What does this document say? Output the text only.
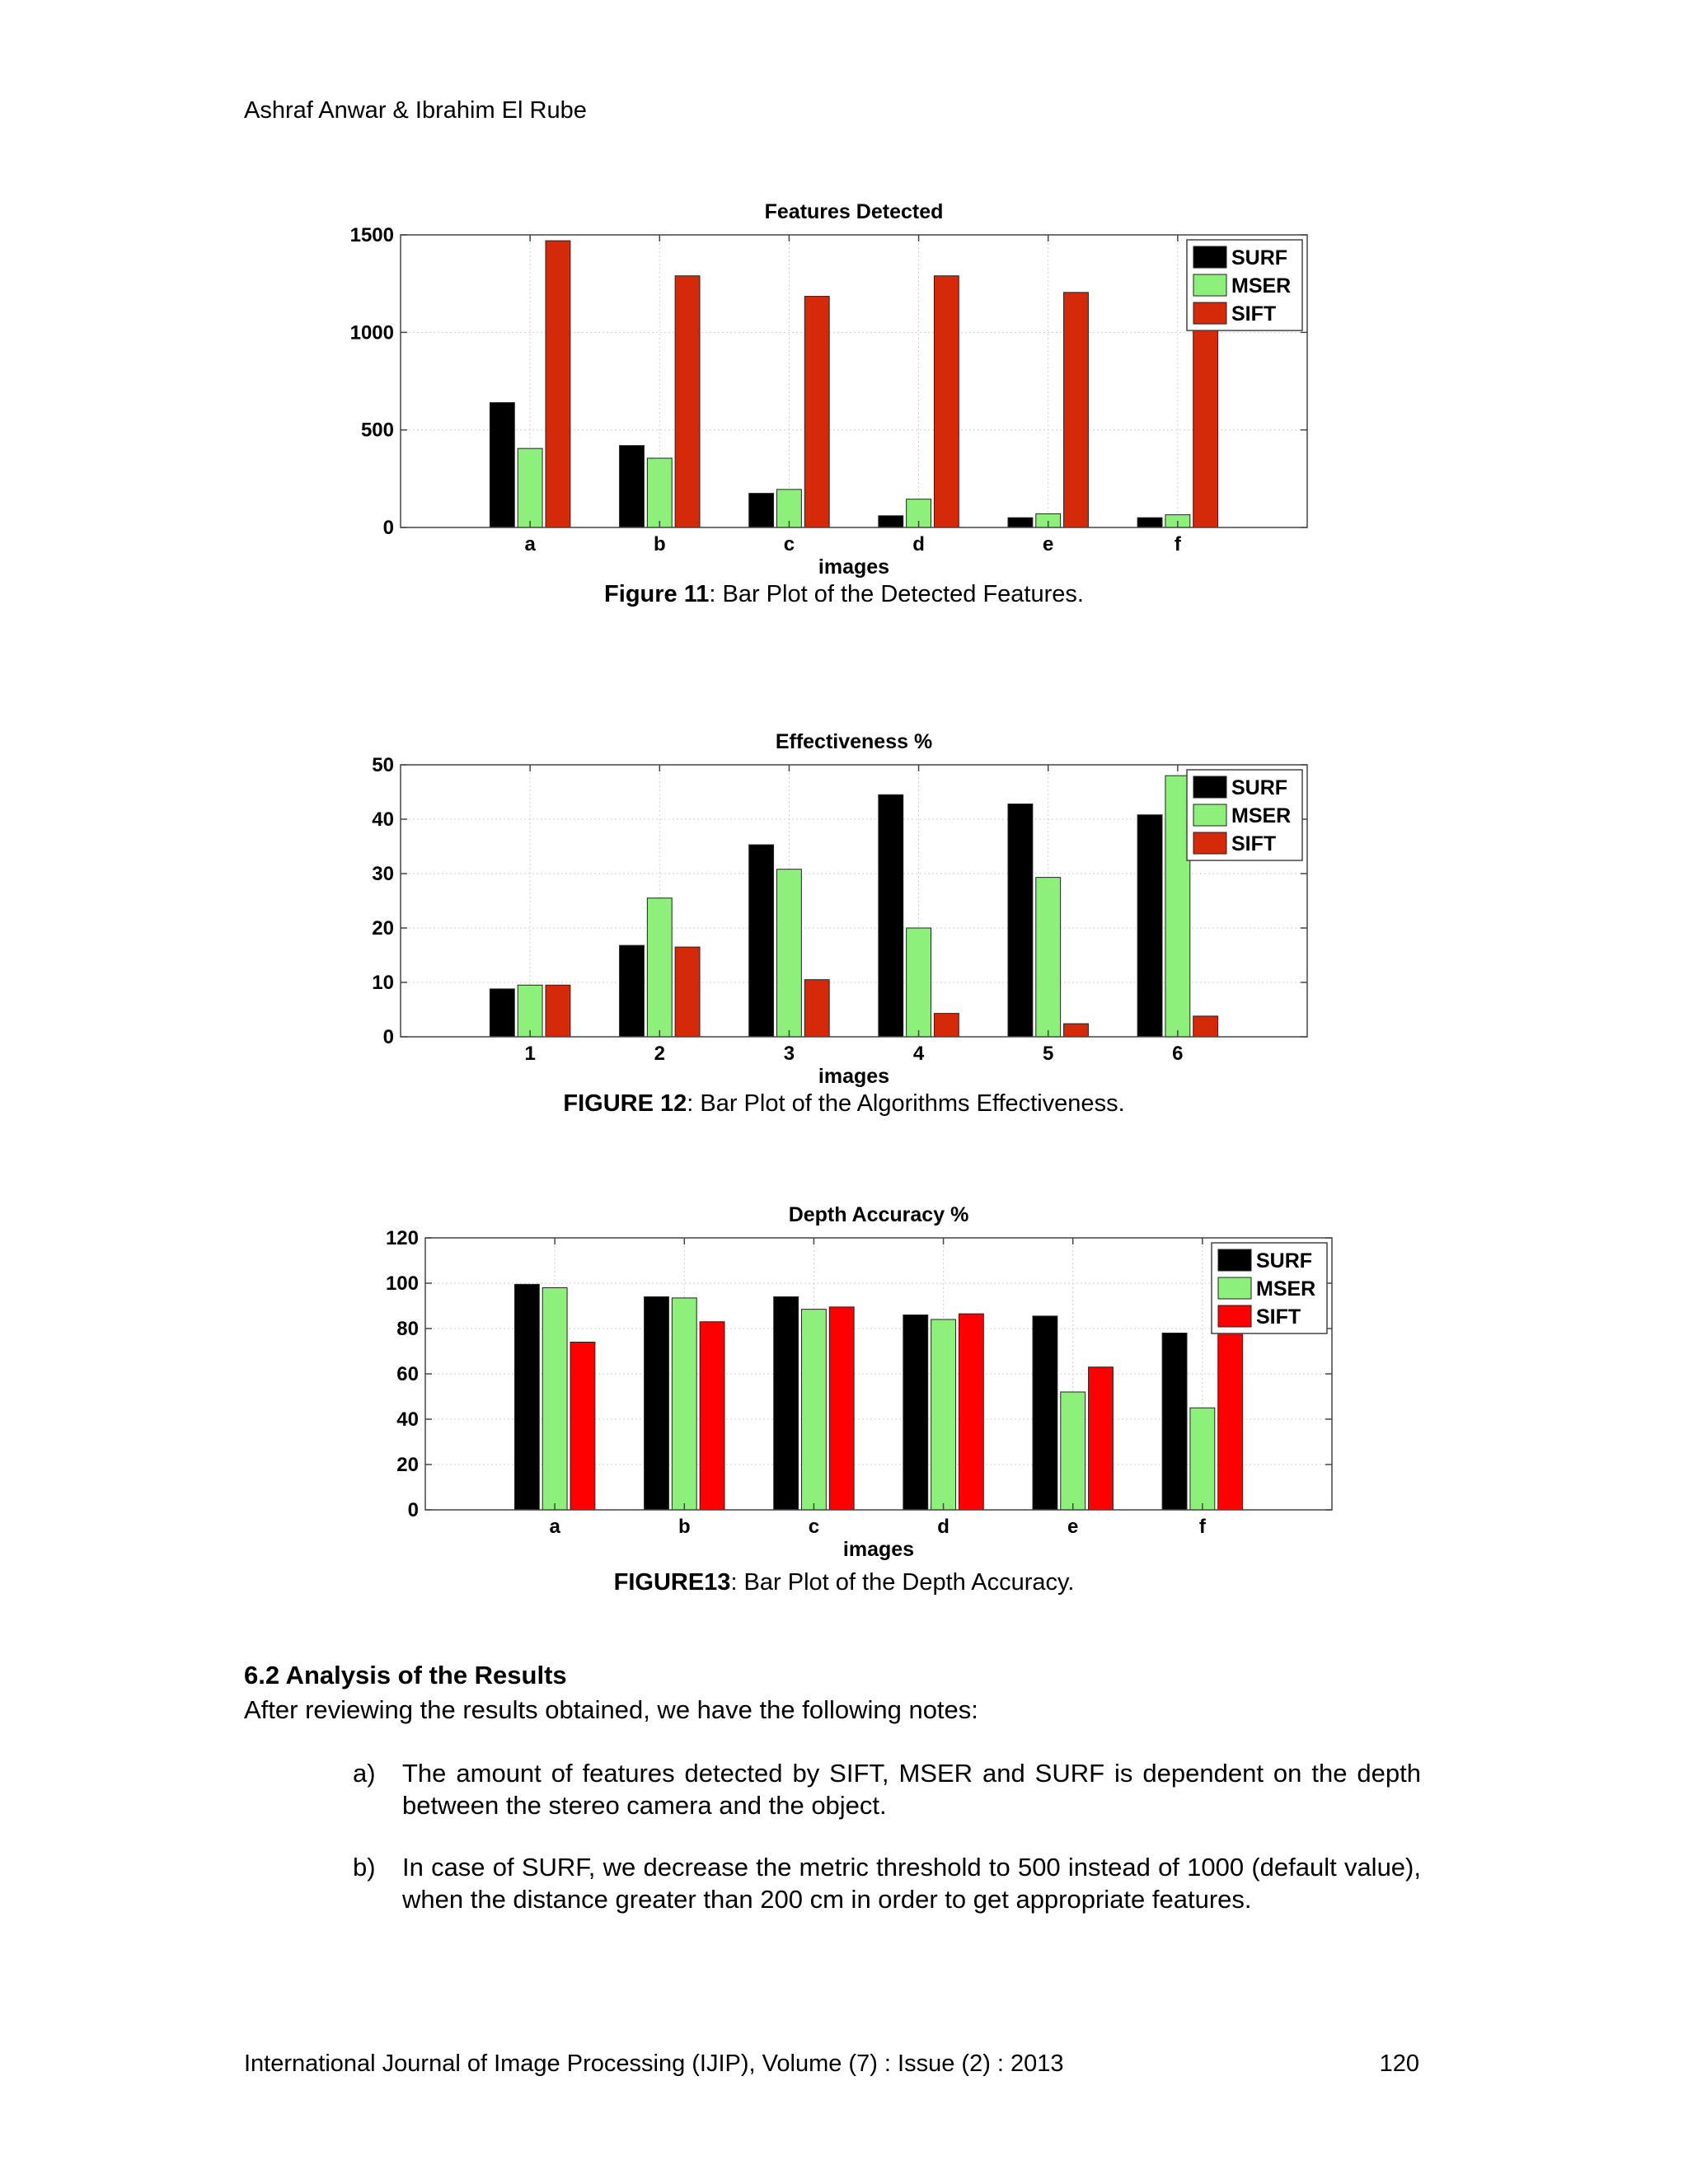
Ashraf Anwar & Ibrahim El Rube
Features Detected
0
500
1000
1500
a	b	c	d	e	f
images
SURF
MSER
SIFT
Figure 11: Bar Plot of the Detected Features.
Effectiveness %
0
10
20
30
40
50
1	2	3	4	5	6
images
SURF
MSER
SIFT
FIGURE 12: Bar Plot of the Algorithms Effectiveness.
Depth Accuracy %
0
20
40
60
80
100
120
a	b	c	d	e	f
images
SURF
MSER
SIFT
FIGURE13: Bar Plot of the Depth Accuracy.
6.2 Analysis of the Results
After reviewing the results obtained, we have the following notes:
a) The amount of features detected by SIFT, MSER and SURF is dependent on the depth between the stereo camera and the object.
b) In case of SURF, we decrease the metric threshold to 500 instead of 1000 (default value), when the distance greater than 200 cm in order to get appropriate features.
International Journal of Image Processing (IJIP), Volume (7) : Issue (2) : 2013	120
